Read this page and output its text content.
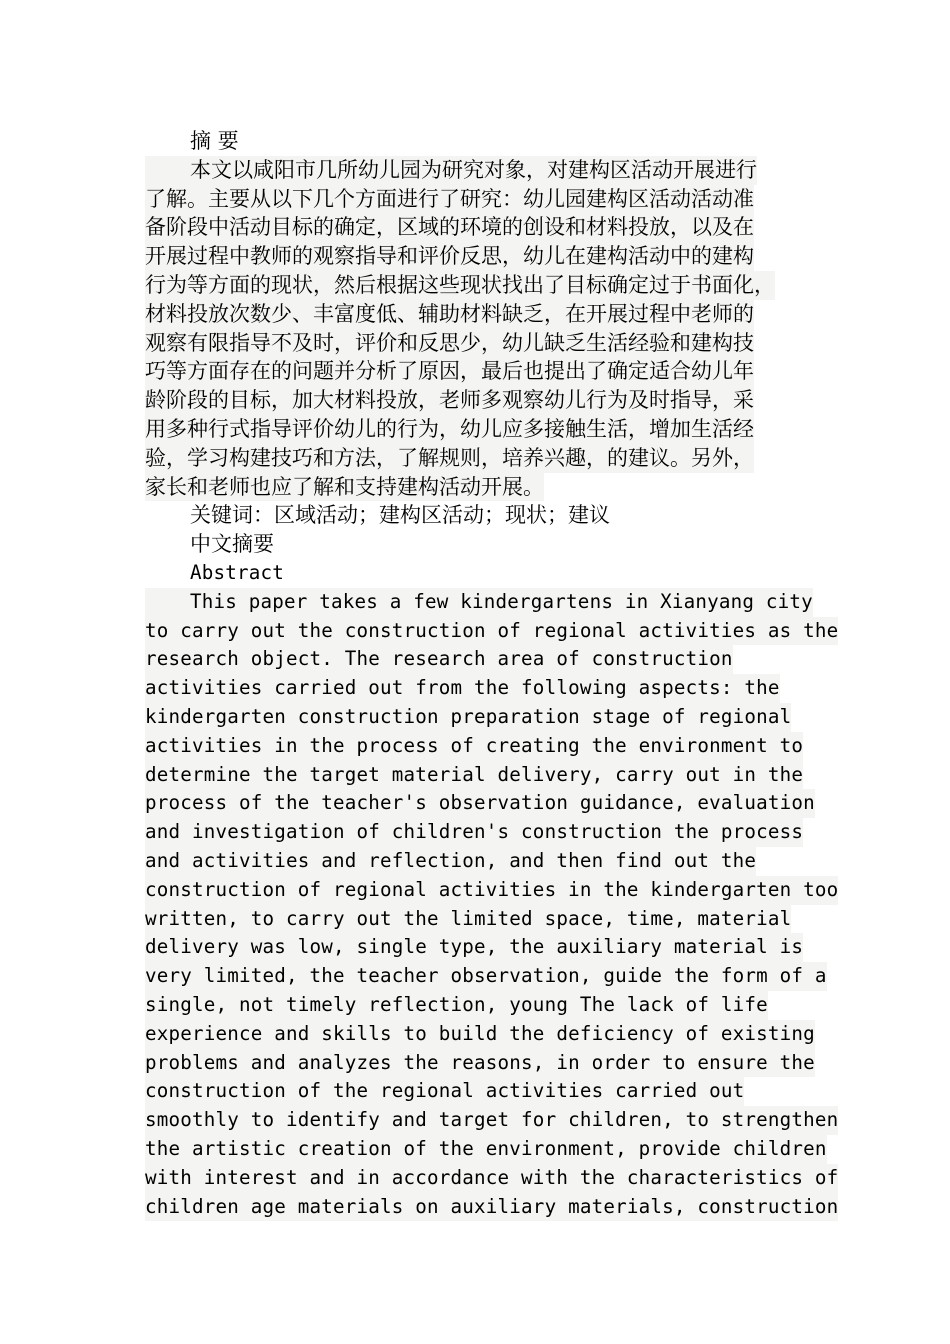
摘 要
本文以咸阳市几所幼儿园为研究对象，对建构区活动开展进行
了解。主要从以下几个方面进行了研究：幼儿园建构区活动活动准
备阶段中活动目标的确定，区域的环境的创设和材料投放，以及在
开展过程中教师的观察指导和评价反思，幼儿在建构活动中的建构
行为等方面的现状，然后根据这些现状找出了目标确定过于书面化，
材料投放次数少、丰富度低、辅助材料缺乏，在开展过程中老师的
观察有限指导不及时，评价和反思少，幼儿缺乏生活经验和建构技
巧等方面存在的问题并分析了原因，最后也提出了确定适合幼儿年
龄阶段的目标，加大材料投放，老师多观察幼儿行为及时指导，采
用多种行式指导评价幼儿的行为，幼儿应多接触生活，增加生活经
验，学习构建技巧和方法，了解规则，培养兴趣，的建议。另外，
家长和老师也应了解和支持建构活动开展。
关键词：区域活动；建构区活动；现状；建议
中文摘要
Abstract
This paper takes a few kindergartens in Xianyang city
to carry out the construction of regional activities as the
research object. The research area of construction
activities carried out from the following aspects: the
kindergarten construction preparation stage of regional
activities in the process of creating the environment to
determine the target material delivery, carry out in the
process of the teacher's observation guidance, evaluation
and investigation of children's construction the process
and activities and reflection, and then find out the
construction of regional activities in the kindergarten too
written, to carry out the limited space, time, material
delivery was low, single type, the auxiliary material is
very limited, the teacher observation, guide the form of a
single, not timely reflection, young The lack of life
experience and skills to build the deficiency of existing
problems and analyzes the reasons, in order to ensure the
construction of the regional activities carried out
smoothly to identify and target for children, to strengthen
the artistic creation of the environment, provide children
with interest and in accordance with the characteristics of
children age materials on auxiliary materials, construction
